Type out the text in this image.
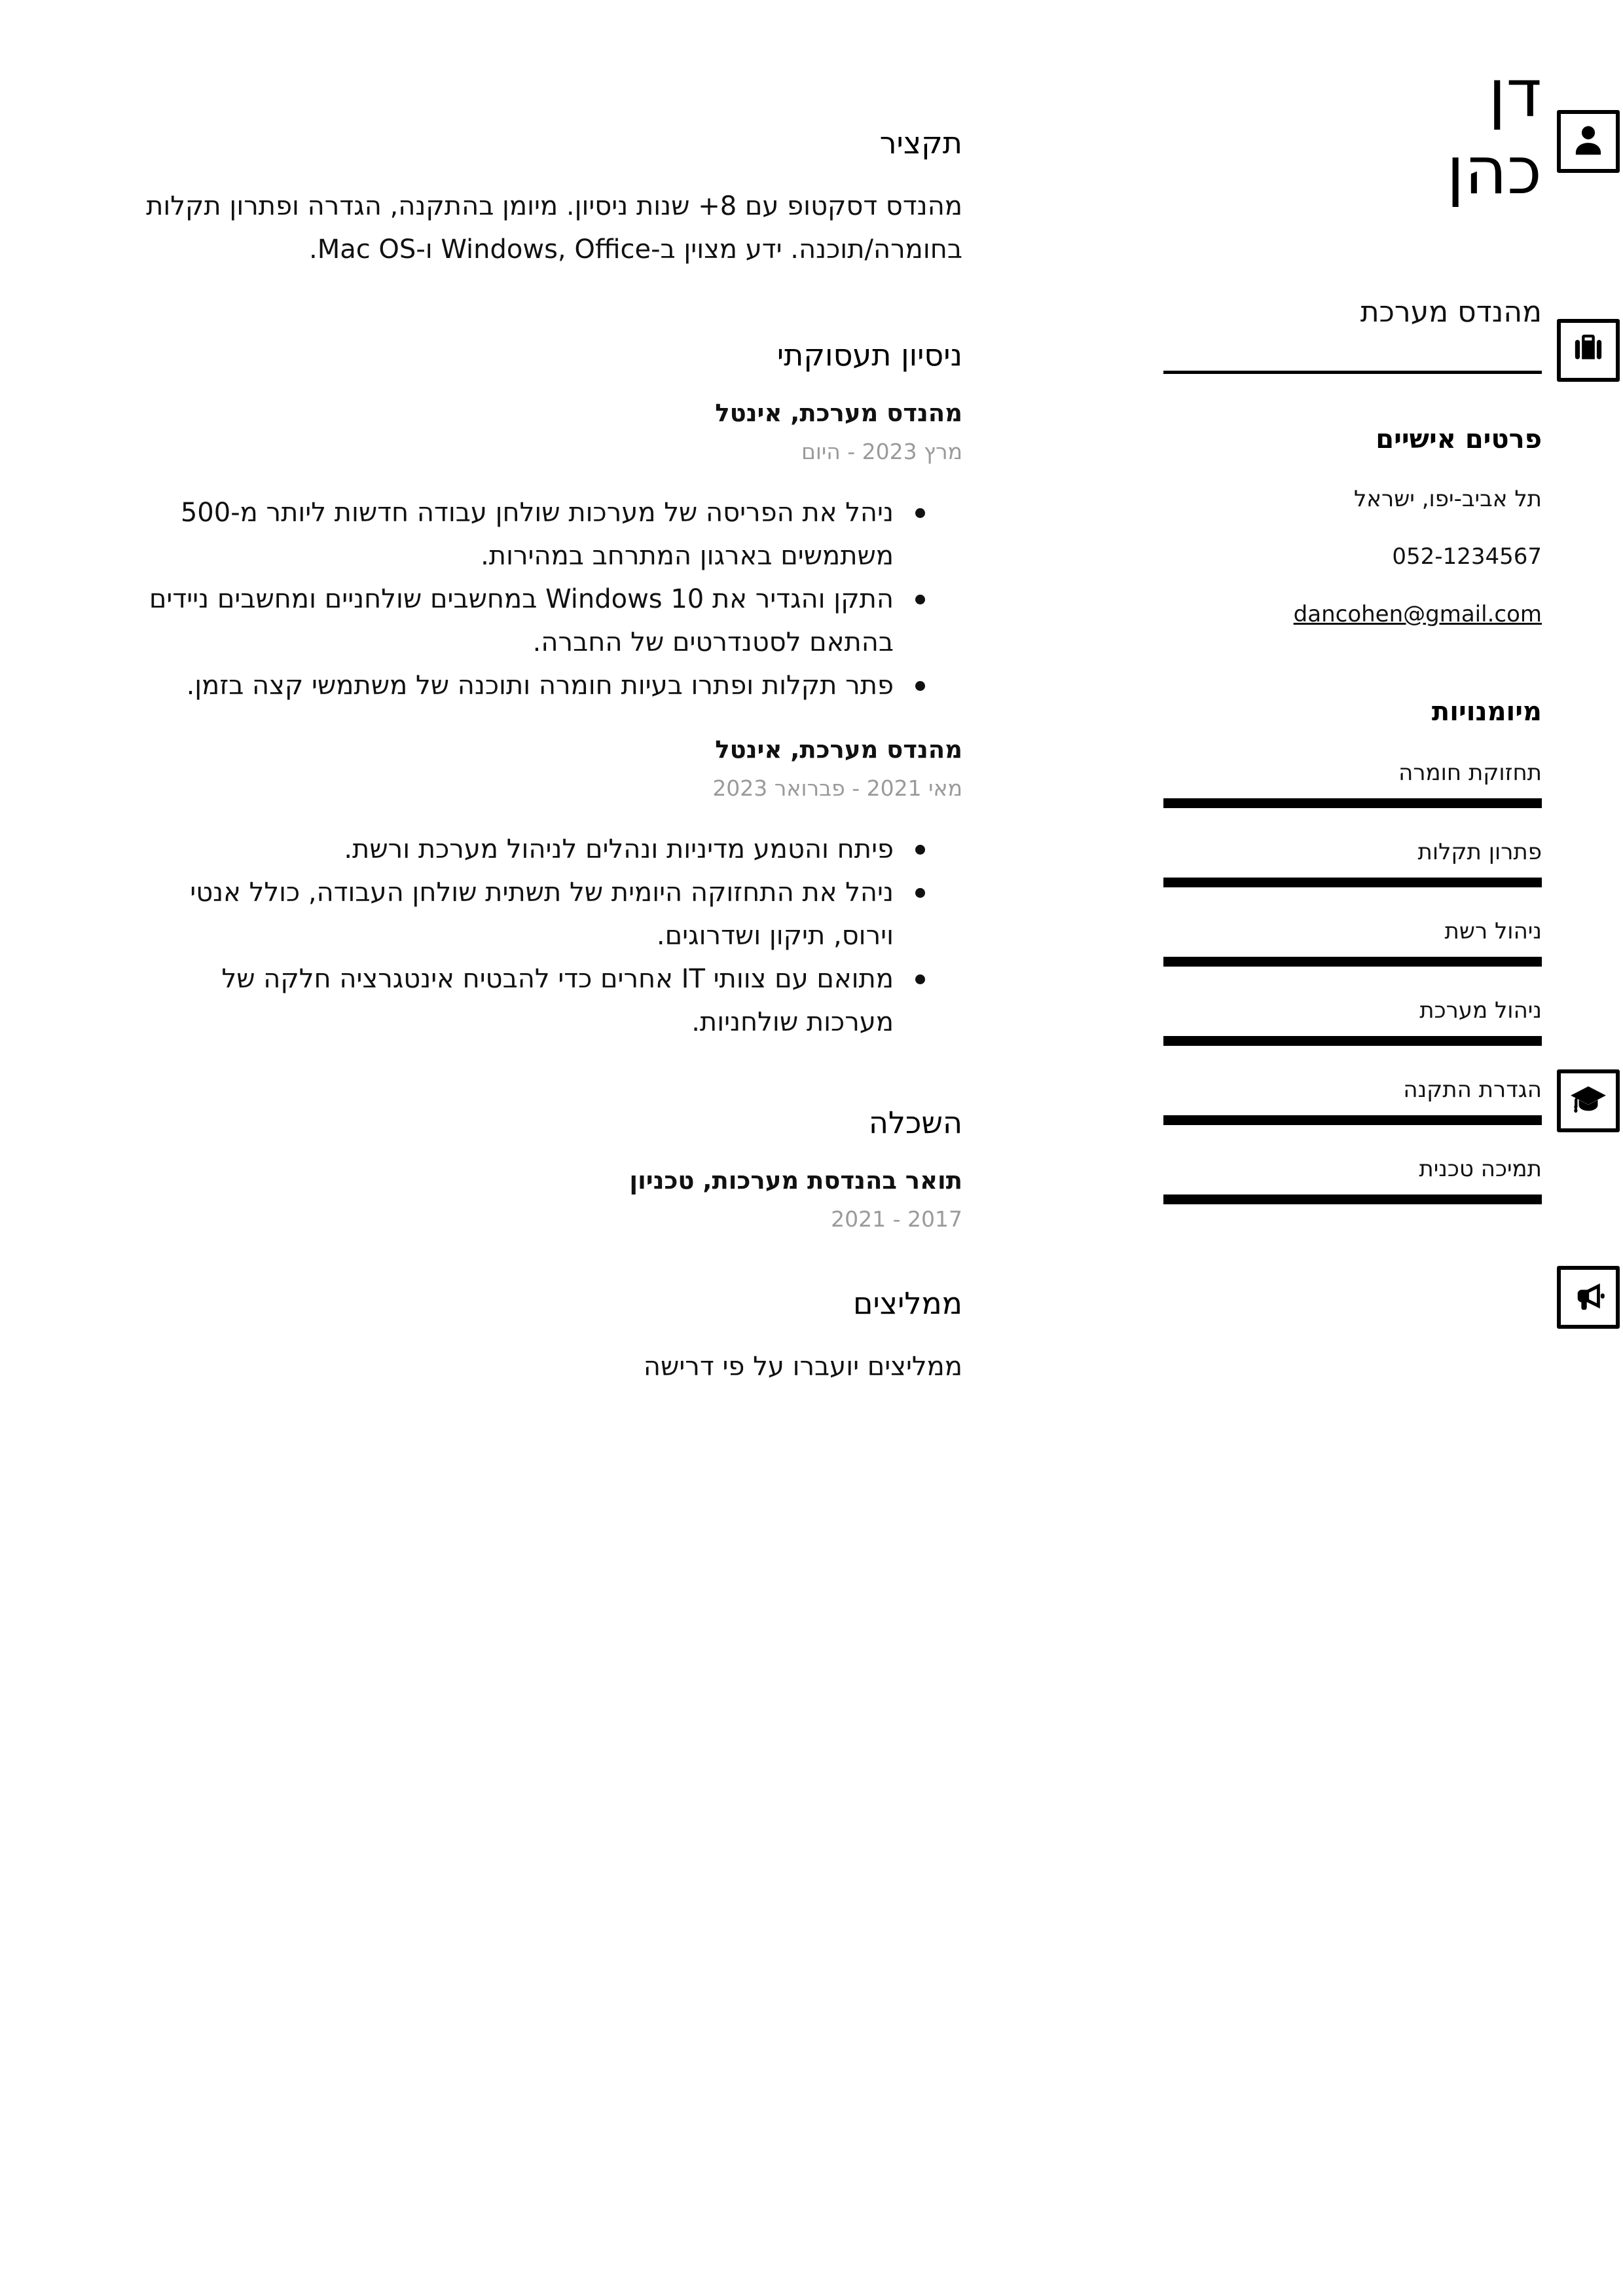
דן
כהן
מהנדס מערכת
פרטים אישיים
תל אביב-יפו, ישראל
052-1234567
dancohen@gmail.com
מיומנויות
תחזוקת חומרה
פתרון תקלות
ניהול רשת
ניהול מערכת
הגדרת התקנה
תמיכה טכנית
תקציר

מהנדס דסקטופ עם 8+ שנות ניסיון. מיומן בהתקנה, הגדרה ופתרון תקלות בחומרה/תוכנה. ידע מצוין ב-Windows, Office ו-Mac OS.

ניסיון תעסוקתי
מהנדס מערכת, אינטל
מרץ 2023 - היום
ניהל את הפריסה של מערכות שולחן עבודה חדשות ליותר מ-500 משתמשים בארגון המתרחב במהירות.
התקן והגדיר את Windows 10 במחשבים שולחניים ומחשבים ניידים בהתאם לסטנדרטים של החברה.
פתר תקלות ופתרו בעיות חומרה ותוכנה של משתמשי קצה בזמן.
מהנדס מערכת, אינטל
מאי 2021 - פברואר 2023
פיתח והטמע מדיניות ונהלים לניהול מערכת ורשת.
ניהל את התחזוקה היומית של תשתית שולחן העבודה, כולל אנטי וירוס, תיקון ושדרוגים.
מתואם עם צוותי IT אחרים כדי להבטיח אינטגרציה חלקה של מערכות שולחניות.
השכלה
תואר בהנדסת מערכות, טכניון
2017 - 2021
ממליצים

ממליצים יועברו על פי דרישה
